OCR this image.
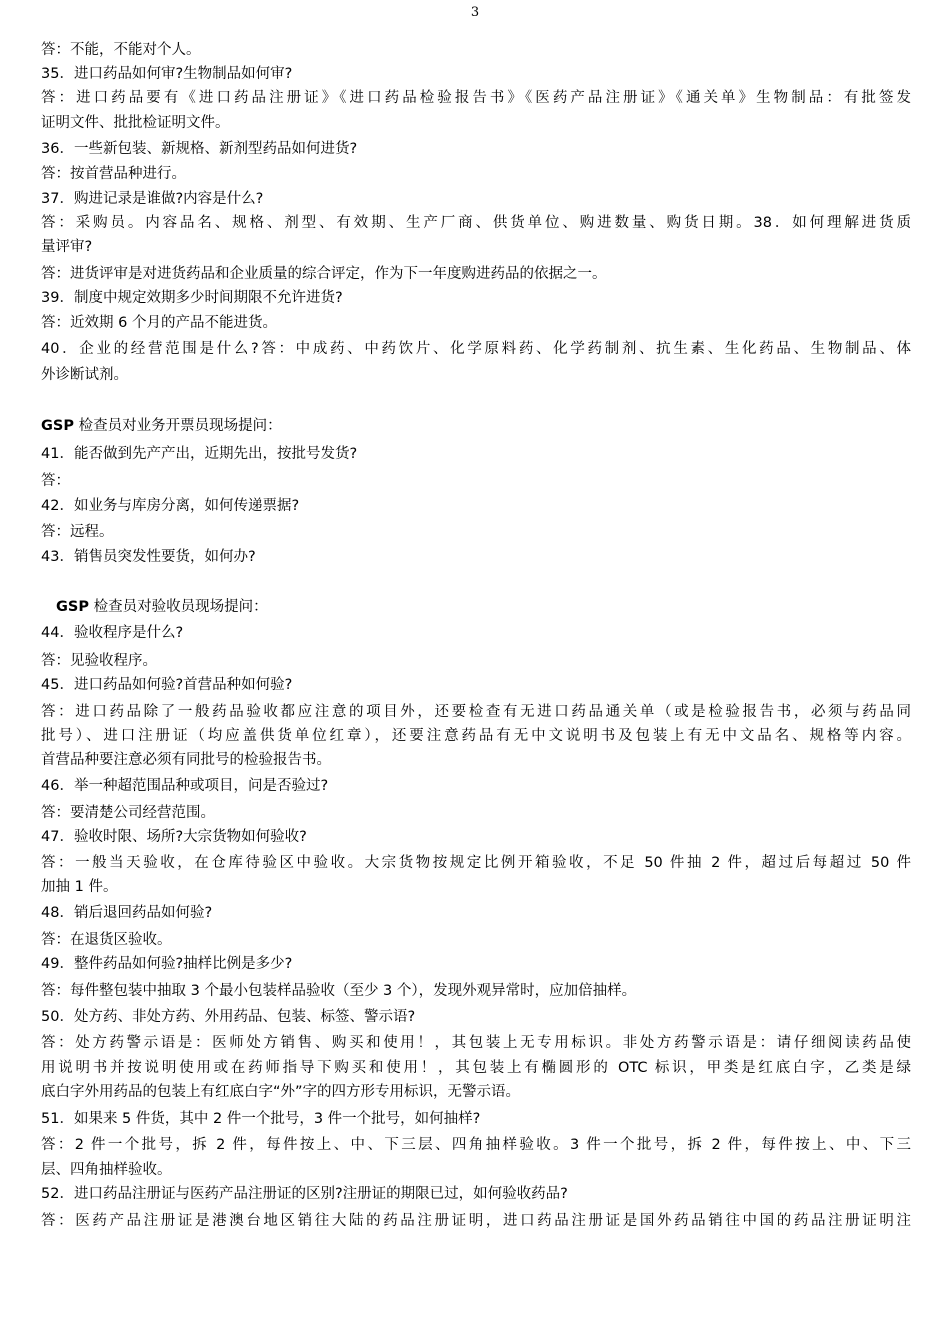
3
答：不能，不能对个人。
35．进口药品如何审?生物制品如何审?
答：进口药品要有《进口药品注册证》《进口药品检验报告书》《医药产品注册证》《通关单》生物制品：有批签发
证明文件、批批检证明文件。
36．一些新包装、新规格、新剂型药品如何进货?
答：按首营品种进行。
37．购进记录是谁做?内容是什么?
答：采购员。内容品名、规格、剂型、有效期、生产厂商、供货单位、购进数量、购货日期。38．如何理解进货质
量评审?
答：进货评审是对进货药品和企业质量的综合评定，作为下一年度购进药品的依据之一。
39．制度中规定效期多少时间期限不允许进货?
答：近效期 6 个月的产品不能进货。
40．企业的经营范围是什么?答：中成药、中药饮片、化学原料药、化学药制剂、抗生素、生化药品、生物制品、体
外诊断试剂。
GSP 检查员对业务开票员现场提问：
41．能否做到先产产出，近期先出，按批号发货?
答：
42．如业务与库房分离，如何传递票据?
答：远程。
43．销售员突发性要货，如何办?
GSP 检查员对验收员现场提问：
44．验收程序是什么?
答：见验收程序。
45．进口药品如何验?首营品种如何验?
答：进口药品除了一般药品验收都应注意的项目外，还要检查有无进口药品通关单（或是检验报告书，必须与药品同
批号）、进口注册证（均应盖供货单位红章），还要注意药品有无中文说明书及包装上有无中文品名、规格等内容。
首营品种要注意必须有同批号的检验报告书。
46．举一种超范围品种或项目，问是否验过?
答：要清楚公司经营范围。
47．验收时限、场所?大宗货物如何验收?
答：一般当天验收，在仓库待验区中验收。大宗货物按规定比例开箱验收，不足 50 件抽 2 件，超过后每超过 50 件
加抽 1 件。
48．销后退回药品如何验?
答：在退货区验收。
49．整件药品如何验?抽样比例是多少?
答：每件整包装中抽取 3 个最小包装样品验收（至少 3 个），发现外观异常时，应加倍抽样。
50．处方药、非处方药、外用药品、包装、标签、警示语?
答：处方药警示语是：医师处方销售、购买和使用！，其包装上无专用标识。非处方药警示语是：请仔细阅读药品使
用说明书并按说明使用或在药师指导下购买和使用！，其包装上有椭圆形的 OTC 标识，甲类是红底白字，乙类是绿
底白字外用药品的包装上有红底白字“外”字的四方形专用标识，无警示语。
51．如果来 5 件货，其中 2 件一个批号，3 件一个批号，如何抽样?
答：2 件一个批号，拆 2 件，每件按上、中、下三层、四角抽样验收。3 件一个批号，拆 2 件，每件按上、中、下三
层、四角抽样验收。
52．进口药品注册证与医药产品注册证的区别?注册证的期限已过，如何验收药品?
答：医药产品注册证是港澳台地区销往大陆的药品注册证明，进口药品注册证是国外药品销往中国的药品注册证明注
